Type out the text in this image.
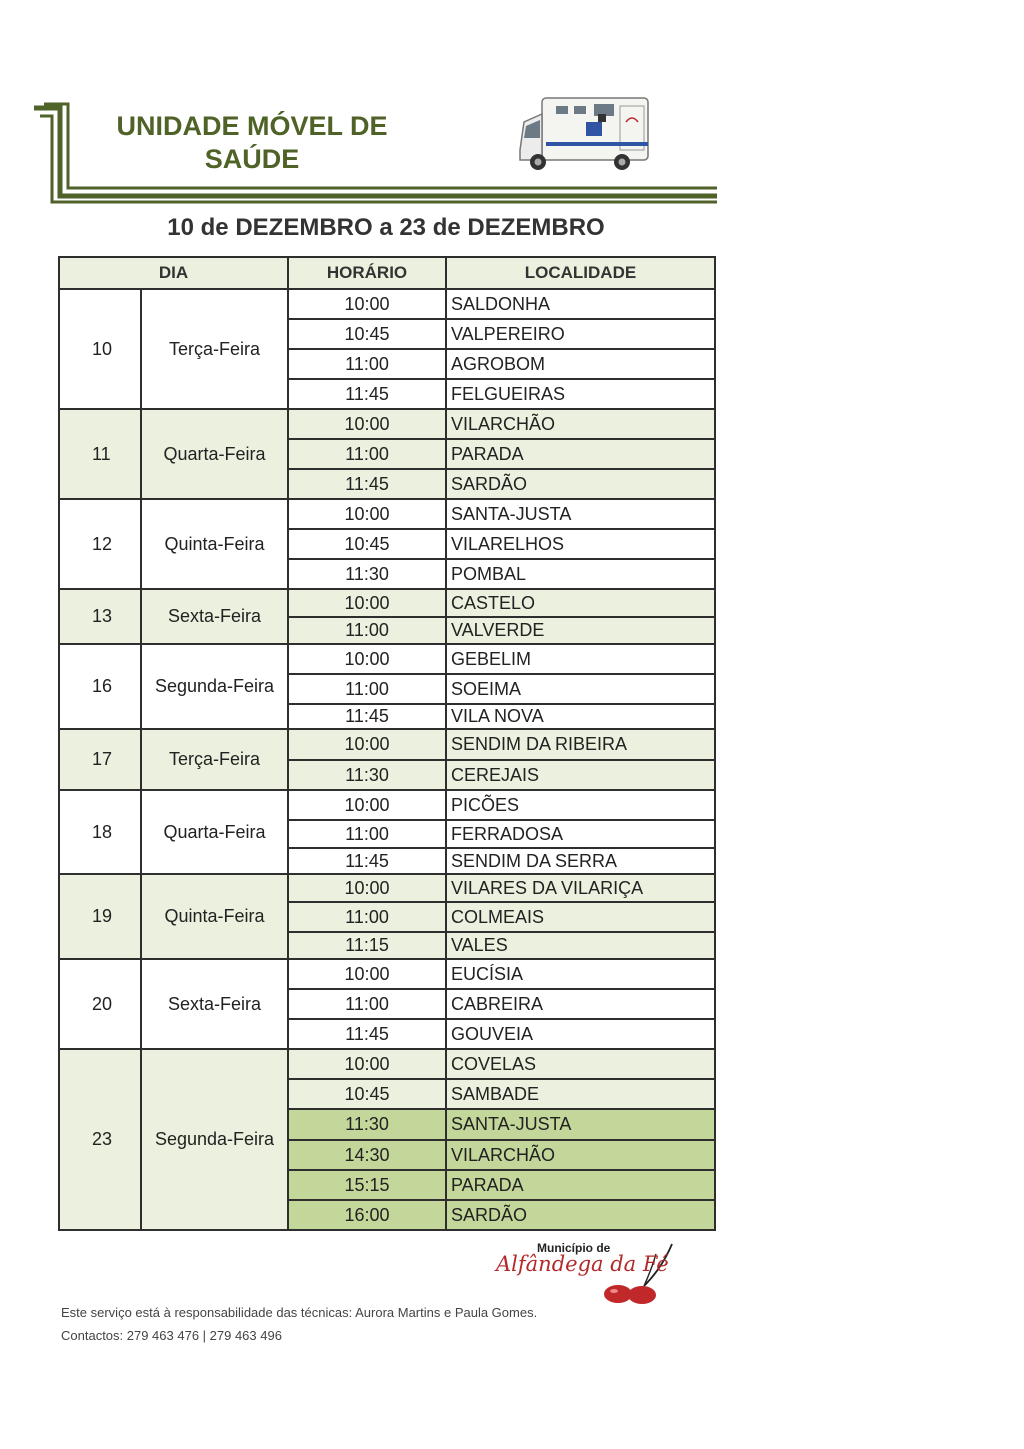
UNIDADE MÓVEL DE SAÚDE
10 de DEZEMBRO a 23 de DEZEMBRO
DIA		HORÁRIO	LOCALIDADE
10	Terça-Feira	10:00	SALDONHA
		10:45	VALPEREIRO
		11:00	AGROBOM
		11:45	FELGUEIRAS
11	Quarta-Feira	10:00	VILARCHÃO
		11:00	PARADA
		11:45	SARDÃO
12	Quinta-Feira	10:00	SANTA-JUSTA
		10:45	VILARELHOS
		11:30	POMBAL
13	Sexta-Feira	10:00	CASTELO
		11:00	VALVERDE
16	Segunda-Feira	10:00	GEBELIM
		11:00	SOEIMA
		11:45	VILA NOVA
17	Terça-Feira	10:00	SENDIM DA RIBEIRA
		11:30	CEREJAIS
18	Quarta-Feira	10:00	PICÕES
		11:00	FERRADOSA
		11:45	SENDIM DA SERRA
19	Quinta-Feira	10:00	VILARES DA VILARIÇA
		11:00	COLMEAIS
		11:15	VALES
20	Sexta-Feira	10:00	EUCÍSIA
		11:00	CABREIRA
		11:45	GOUVEIA
23	Segunda-Feira	10:00	COVELAS
		10:45	SAMBADE
		11:30	SANTA-JUSTA
		14:30	VILARCHÃO
		15:15	PARADA
		16:00	SARDÃO
Município de
Alfândega da Fé
Este serviço está à responsabilidade das técnicas: Aurora Martins e Paula Gomes.
Contactos: 279 463 476 | 279 463 496
